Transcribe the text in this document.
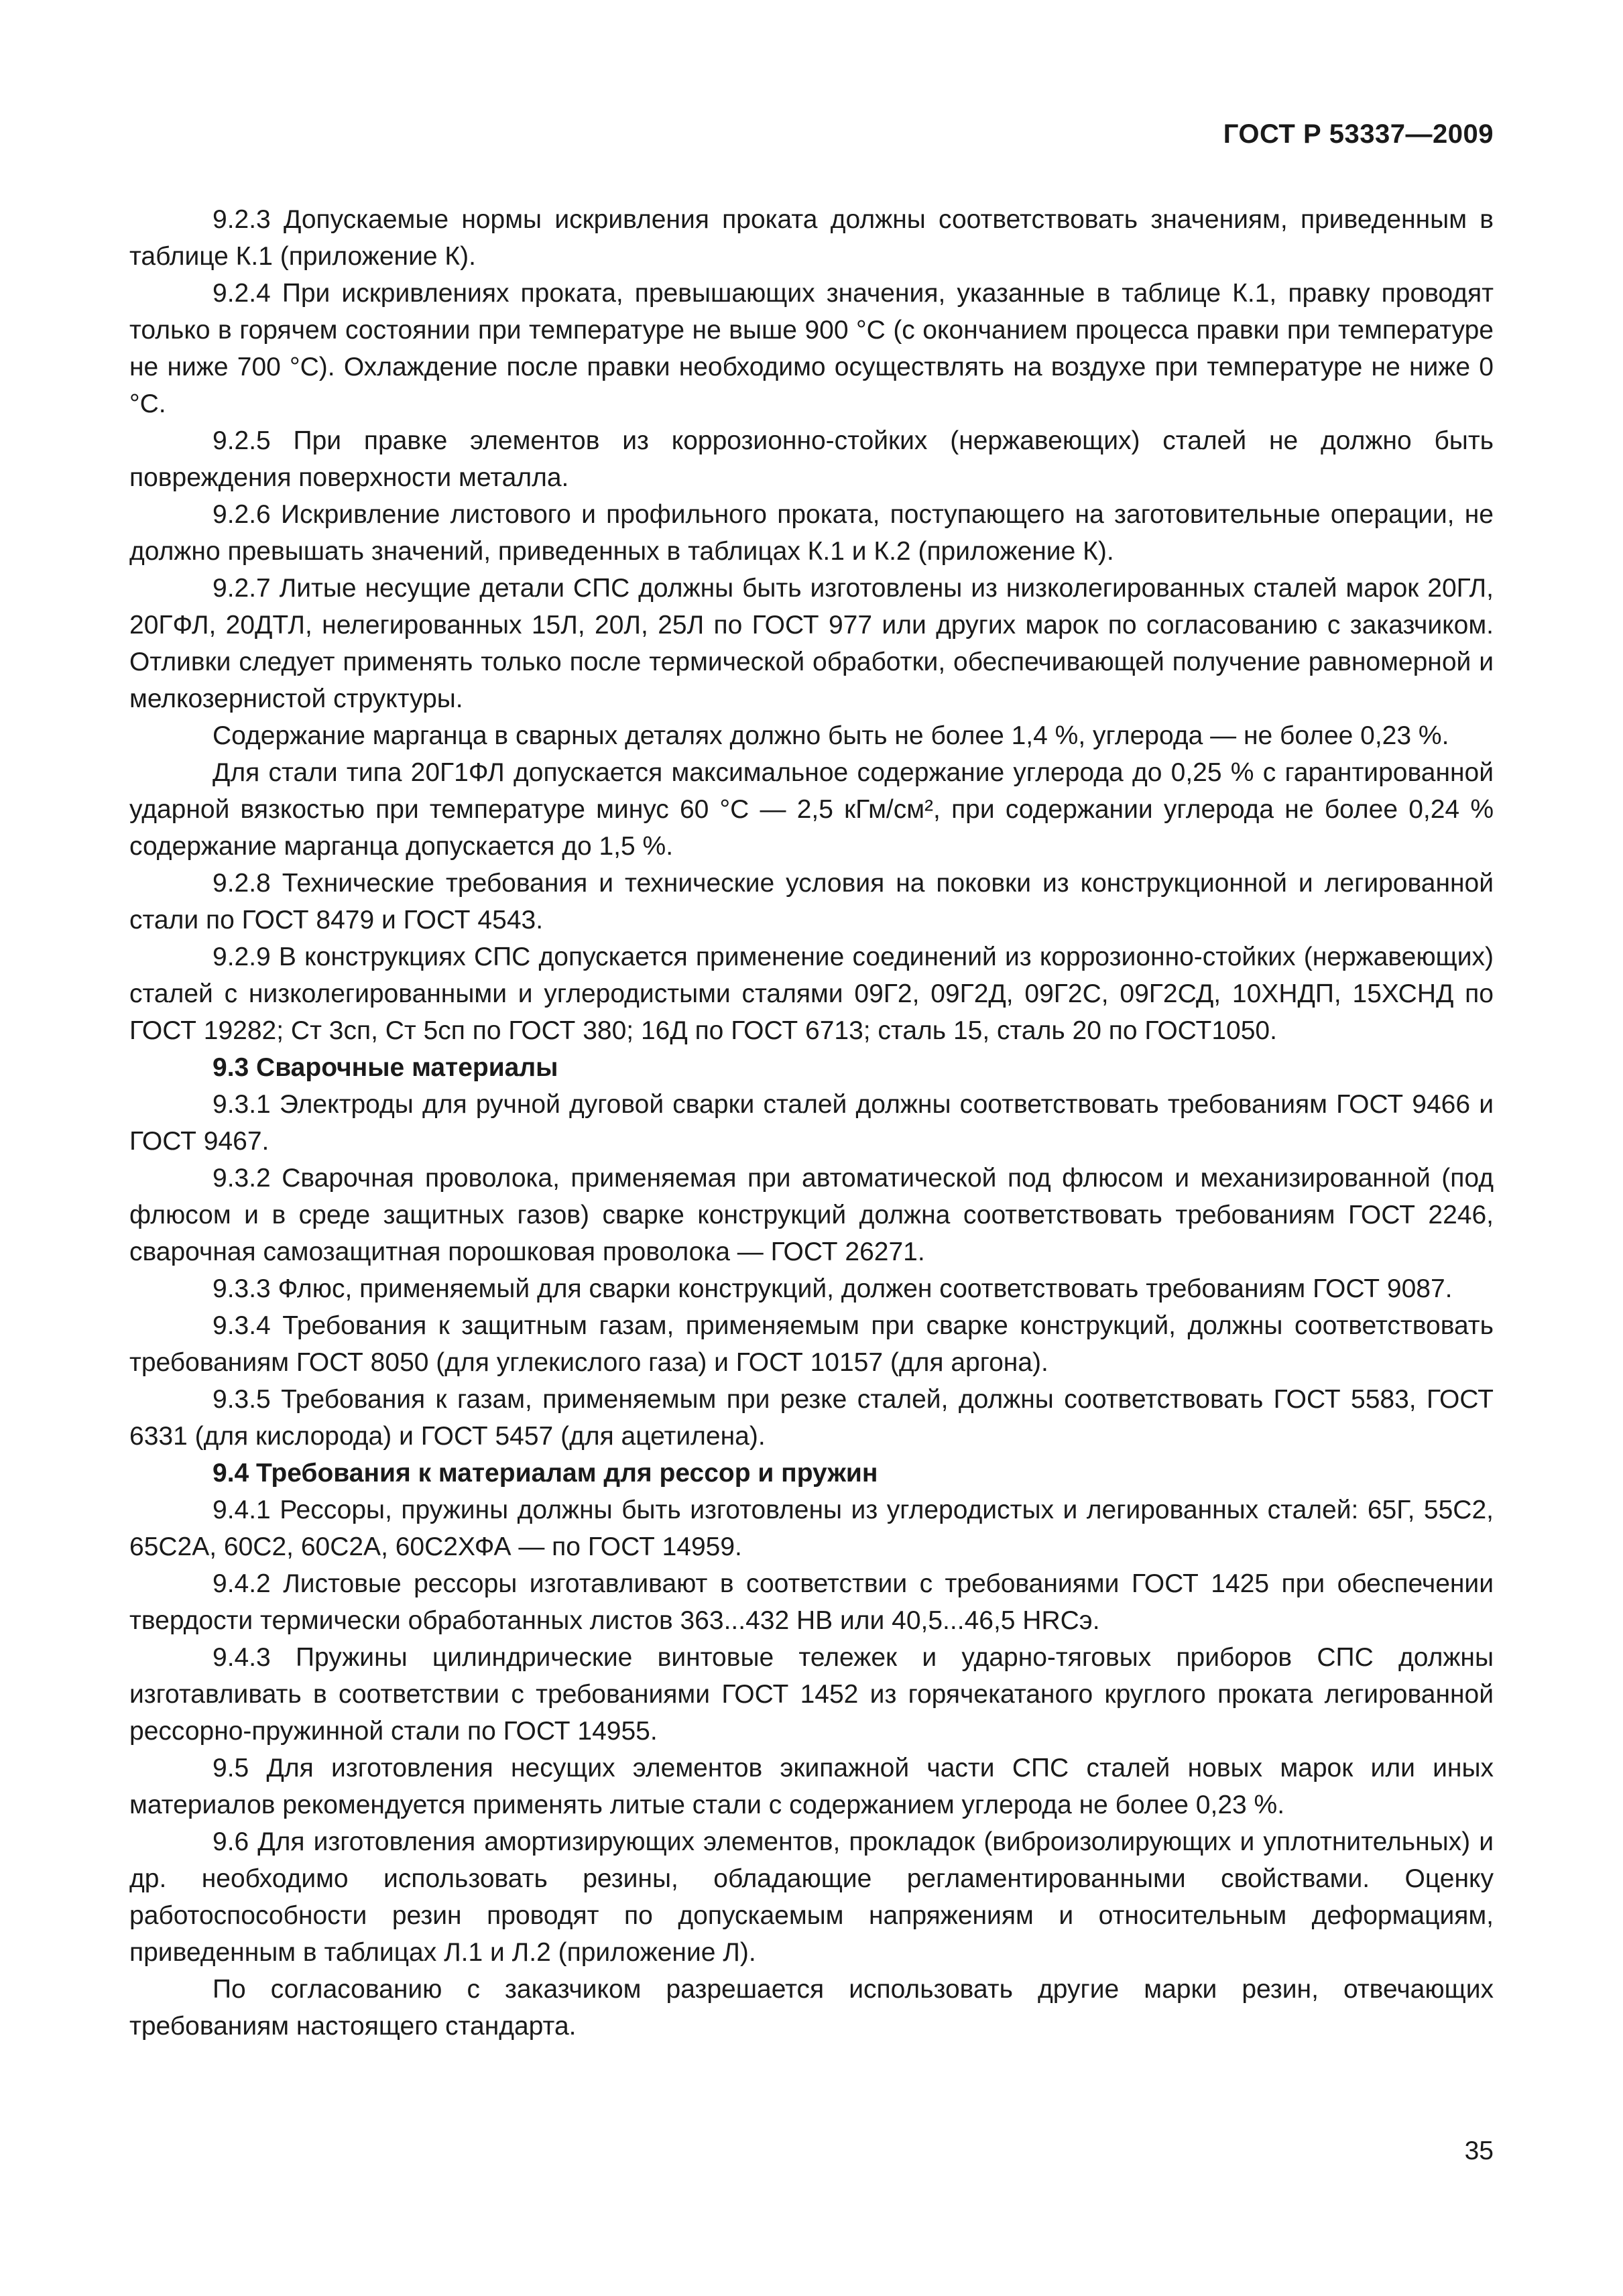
ГОСТ Р 53337—2009

9.2.3 Допускаемые нормы искривления проката должны соответствовать значениям, приведенным в таблице К.1 (приложение К).

9.2.4 При искривлениях проката, превышающих значения, указанные в таблице К.1, правку проводят только в горячем состоянии при температуре не выше 900 °С (с окончанием процесса правки при температуре не ниже 700 °С). Охлаждение после правки необходимо осуществлять на воздухе при температуре не ниже 0 °С.

9.2.5 При правке элементов из коррозионно-стойких (нержавеющих) сталей не должно быть повреждения поверхности металла.

9.2.6 Искривление листового и профильного проката, поступающего на заготовительные операции, не должно превышать значений, приведенных в таблицах К.1 и К.2 (приложение К).

9.2.7 Литые несущие детали СПС должны быть изготовлены из низколегированных сталей марок 20ГЛ, 20ГФЛ, 20ДТЛ, нелегированных 15Л, 20Л, 25Л по ГОСТ 977 или других марок по согласованию с заказчиком. Отливки следует применять только после термической обработки, обеспечивающей получение равномерной и мелкозернистой структуры.

Содержание марганца в сварных деталях должно быть не более 1,4 %, углерода — не более 0,23 %.

Для стали типа 20Г1ФЛ допускается максимальное содержание углерода до 0,25 % с гарантированной ударной вязкостью при температуре минус 60 °С — 2,5 кГм/см², при содержании углерода не более 0,24 % содержание марганца допускается до 1,5 %.

9.2.8 Технические требования и технические условия на поковки из конструкционной и легированной стали по ГОСТ 8479 и ГОСТ 4543.

9.2.9 В конструкциях СПС допускается применение соединений из коррозионно-стойких (нержавеющих) сталей с низколегированными и углеродистыми сталями 09Г2, 09Г2Д, 09Г2С, 09Г2СД, 10ХНДП, 15ХСНД по ГОСТ 19282; Ст 3сп, Ст 5сп по ГОСТ 380; 16Д по ГОСТ 6713; сталь 15, сталь 20 по ГОСТ1050.

9.3 Сварочные материалы

9.3.1 Электроды для ручной дуговой сварки сталей должны соответствовать требованиям ГОСТ 9466 и ГОСТ 9467.

9.3.2 Сварочная проволока, применяемая при автоматической под флюсом и механизированной (под флюсом и в среде защитных газов) сварке конструкций должна соответствовать требованиям ГОСТ 2246, сварочная самозащитная порошковая проволока — ГОСТ 26271.

9.3.3 Флюс, применяемый для сварки конструкций, должен соответствовать требованиям ГОСТ 9087.

9.3.4 Требования к защитным газам, применяемым при сварке конструкций, должны соответствовать требованиям ГОСТ 8050 (для углекислого газа) и ГОСТ 10157 (для аргона).

9.3.5 Требования к газам, применяемым при резке сталей, должны соответствовать ГОСТ 5583, ГОСТ 6331 (для кислорода) и ГОСТ 5457 (для ацетилена).

9.4 Требования к материалам для рессор и пружин

9.4.1 Рессоры, пружины должны быть изготовлены из углеродистых и легированных сталей: 65Г, 55С2, 65С2А, 60С2, 60С2А, 60С2ХФА — по ГОСТ 14959.

9.4.2 Листовые рессоры изготавливают в соответствии с требованиями ГОСТ 1425 при обеспечении твердости термически обработанных листов 363...432 НВ или 40,5...46,5 HRCэ.

9.4.3 Пружины цилиндрические винтовые тележек и ударно-тяговых приборов СПС должны изготавливать в соответствии с требованиями ГОСТ 1452 из горячекатаного круглого проката легированной рессорно-пружинной стали по ГОСТ 14955.

9.5 Для изготовления несущих элементов экипажной части СПС сталей новых марок или иных материалов рекомендуется применять литые стали с содержанием углерода не более 0,23 %.

9.6 Для изготовления амортизирующих элементов, прокладок (виброизолирующих и уплотнительных) и др. необходимо использовать резины, обладающие регламентированными свойствами. Оценку работоспособности резин проводят по допускаемым напряжениям и относительным деформациям, приведенным в таблицах Л.1 и Л.2 (приложение Л).

По согласованию с заказчиком разрешается использовать другие марки резин, отвечающих требованиям настоящего стандарта.

35
